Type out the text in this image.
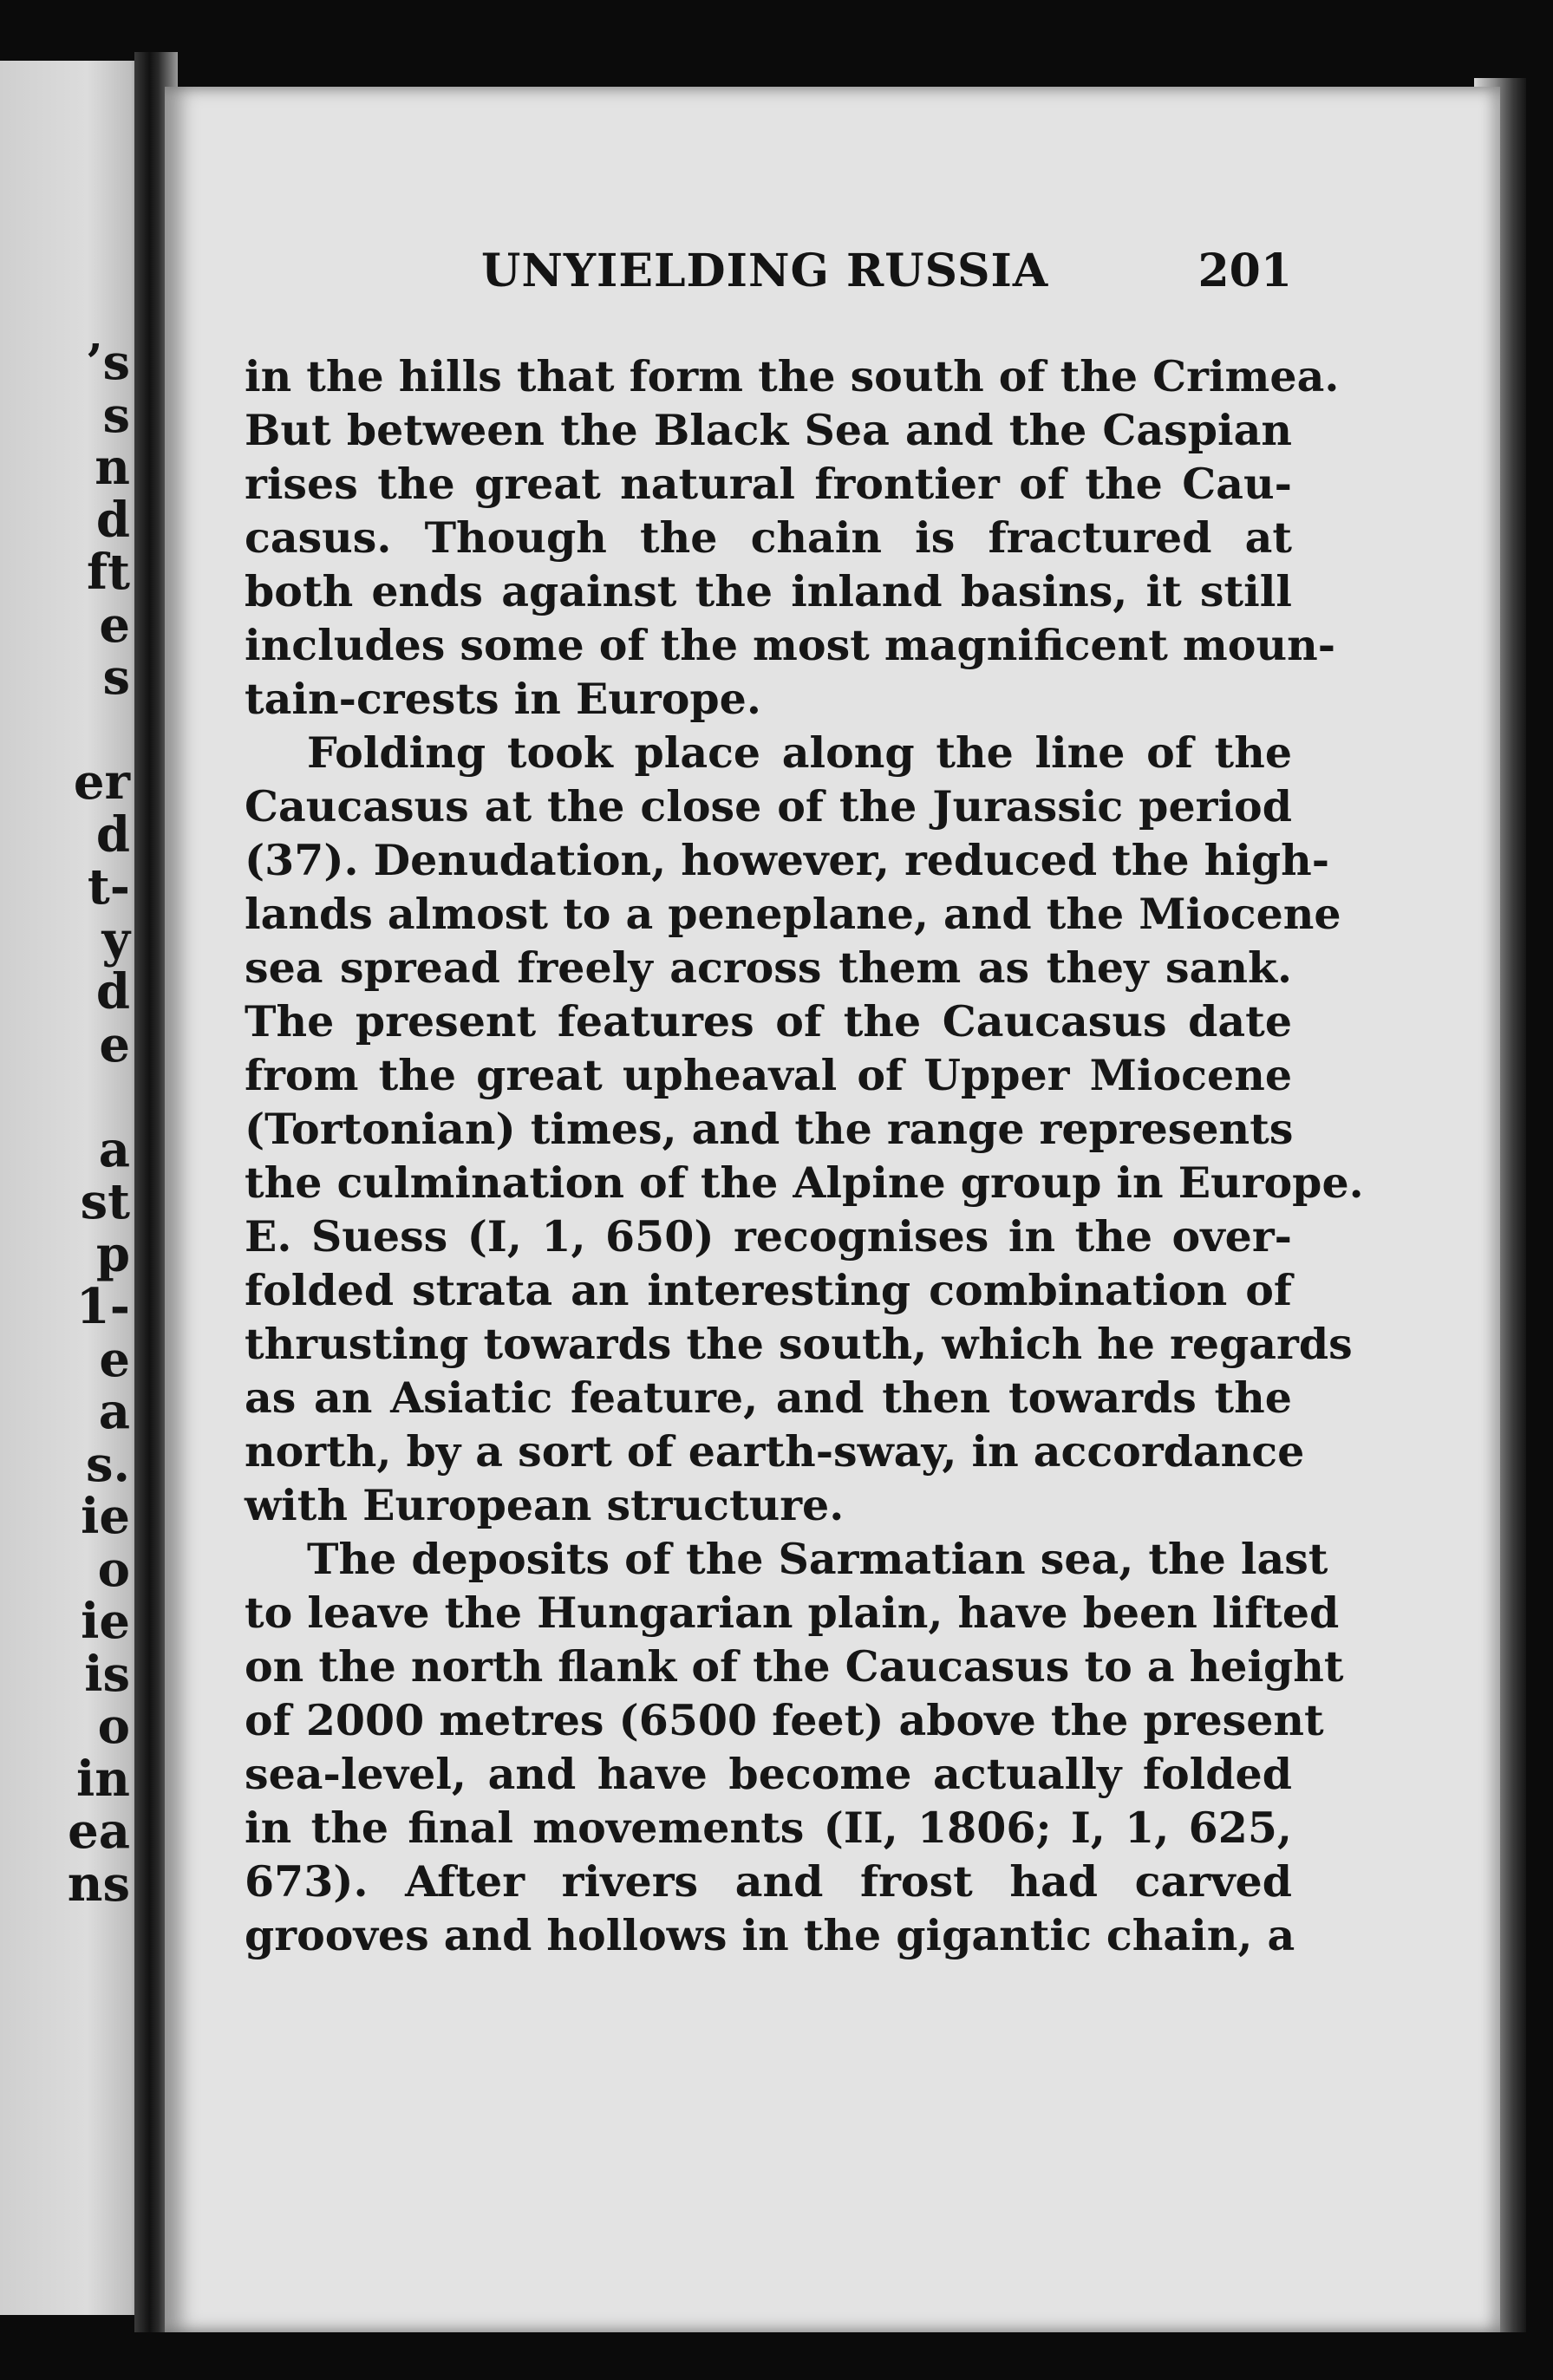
’s
s
n
d
ft
e
s
er
d
t-
y
d
e
a
st
p
1-
e
a
s.
ie
o
ie
is
o
in
ea
ns
UNYIELDING RUSSIA	201
in the hills that form the south of the Crimea.
But between the Black Sea and the Caspian
rises the great natural frontier of the Cau-
casus. Though the chain is fractured at
both ends against the inland basins, it still
includes some of the most magnificent moun-
tain-crests in Europe.
Folding took place along the line of the
Caucasus at the close of the Jurassic period
(37). Denudation, however, reduced the high-
lands almost to a peneplane, and the Miocene
sea spread freely across them as they sank.
The present features of the Caucasus date
from the great upheaval of Upper Miocene
(Tortonian) times, and the range represents
the culmination of the Alpine group in Europe.
E. Suess (I, 1, 650) recognises in the over-
folded strata an interesting combination of
thrusting towards the south, which he regards
as an Asiatic feature, and then towards the
north, by a sort of earth-sway, in accordance
with European structure.
The deposits of the Sarmatian sea, the last
to leave the Hungarian plain, have been lifted
on the north flank of the Caucasus to a height
of 2000 metres (6500 feet) above the present
sea-level, and have become actually folded
in the final movements (II, 1806; I, 1, 625,
673). After rivers and frost had carved
grooves and hollows in the gigantic chain, a
